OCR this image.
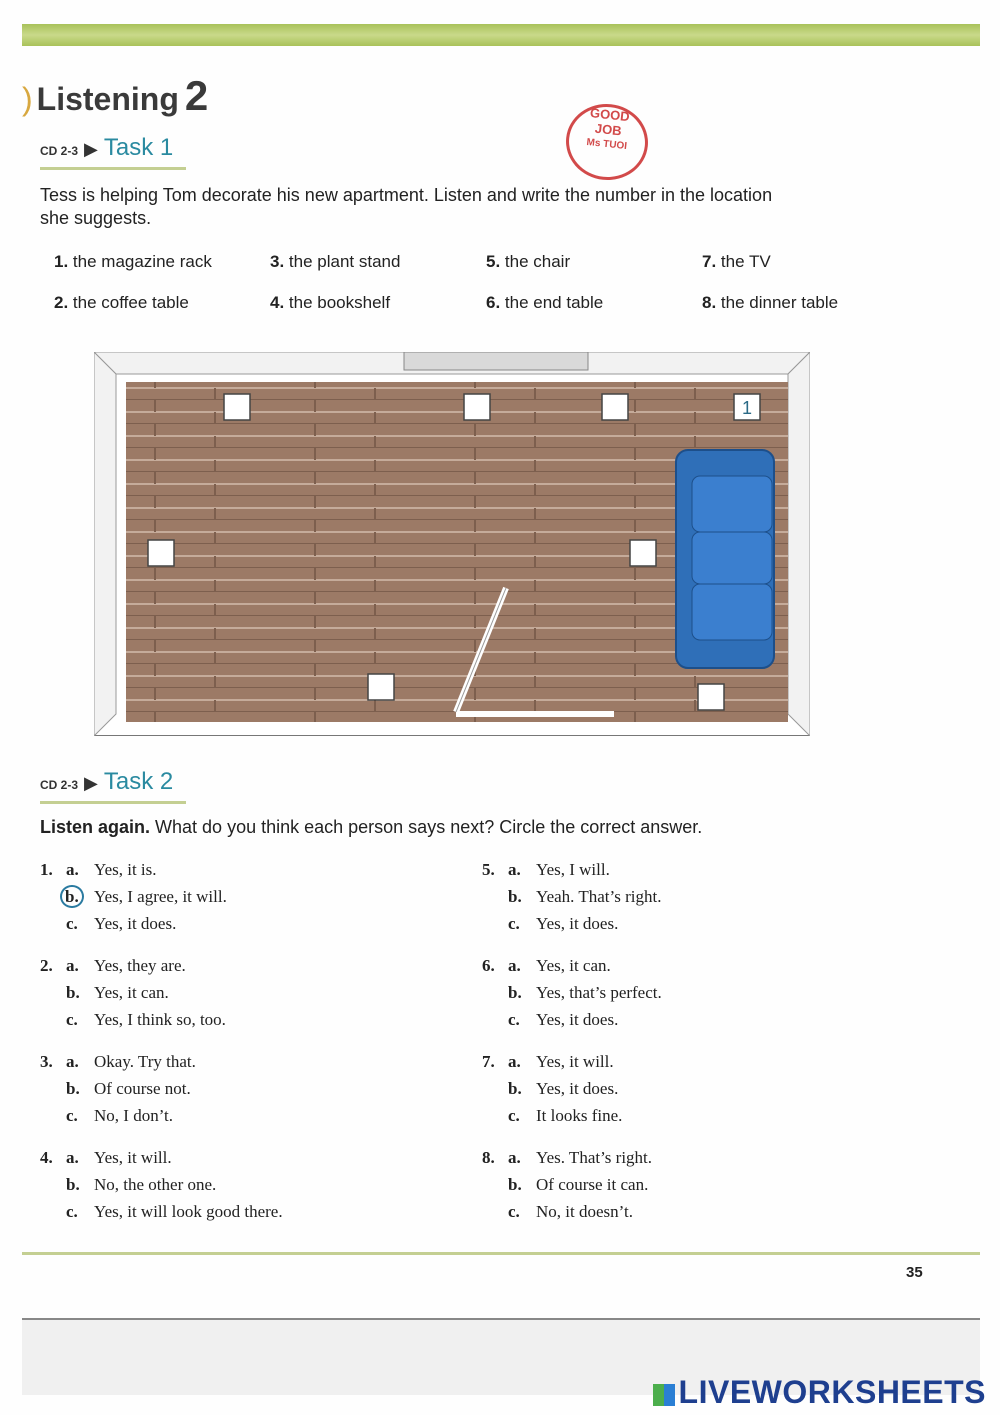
) Listening 2
CD 2-3 ▶ Task 1
GOOD
JOB
Ms TUOI
Tess is helping Tom decorate his new apartment. Listen and write the number in the location she suggests.
1. the magazine rack
2. the coffee table
3. the plant stand
4. the bookshelf
5. the chair
6. the end table
7. the TV
8. the dinner table
1
CD 2-3 ▶ Task 2
Listen again. What do you think each person says next? Circle the correct answer.
1. a. Yes, it is.
b. Yes, I agree, it will.
c. Yes, it does.
2. a. Yes, they are.
b. Yes, it can.
c. Yes, I think so, too.
3. a. Okay. Try that.
b. Of course not.
c. No, I don’t.
4. a. Yes, it will.
b. No, the other one.
c. Yes, it will look good there.
5. a. Yes, I will.
b. Yeah. That’s right.
c. Yes, it does.
6. a. Yes, it can.
b. Yes, that’s perfect.
c. Yes, it does.
7. a. Yes, it will.
b. Yes, it does.
c. It looks fine.
8. a. Yes. That’s right.
b. Of course it can.
c. No, it doesn’t.
35
LIVEWORKSHEETS
